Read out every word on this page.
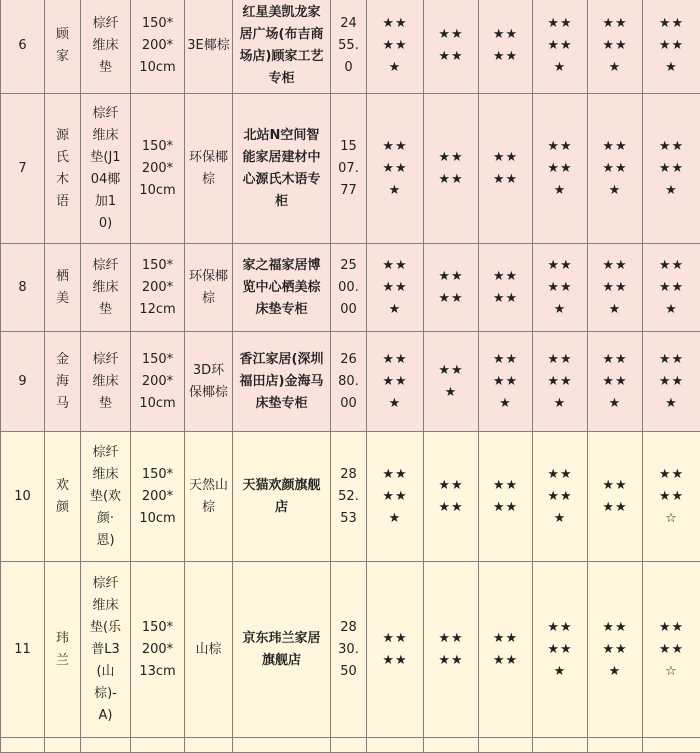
6	顾家	棕纤维床垫	150*200*10cm	3E椰棕	红星美凯龙家居广场(布吉商场店)顾家工艺专柜	2455.0	★★★★★	★★★★	★★★★	★★★★★	★★★★★	★★★★★
7	源氏木语	棕纤维床垫(J104椰加10)	150*200*10cm	环保椰棕	北站N空间智能家居建材中心源氏木语专柜	1507.77	★★★★★	★★★★	★★★★	★★★★★	★★★★★	★★★★★
8	栖美	棕纤维床垫	150*200*12cm	环保椰棕	家之福家居博览中心栖美棕床垫专柜	2500.00	★★★★★	★★★★	★★★★	★★★★★	★★★★★	★★★★★
9	金海马	棕纤维床垫	150*200*10cm	3D环保椰棕	香江家居(深圳福田店)金海马床垫专柜	2680.00	★★★★★	★★★	★★★★★	★★★★★	★★★★★	★★★★★
10	欢颜	棕纤维床垫(欢颜·恩)	150*200*10cm	天然山棕	天猫欢颜旗舰店	2852.53	★★★★★	★★★★	★★★★	★★★★★	★★★★	★★★★☆
11	玮兰	棕纤维床垫(乐普L3(山棕)-A)	150*200*13cm	山棕	京东玮兰家居旗舰店	2830.50	★★★★	★★★★	★★★★	★★★★★	★★★★★	★★★★☆
